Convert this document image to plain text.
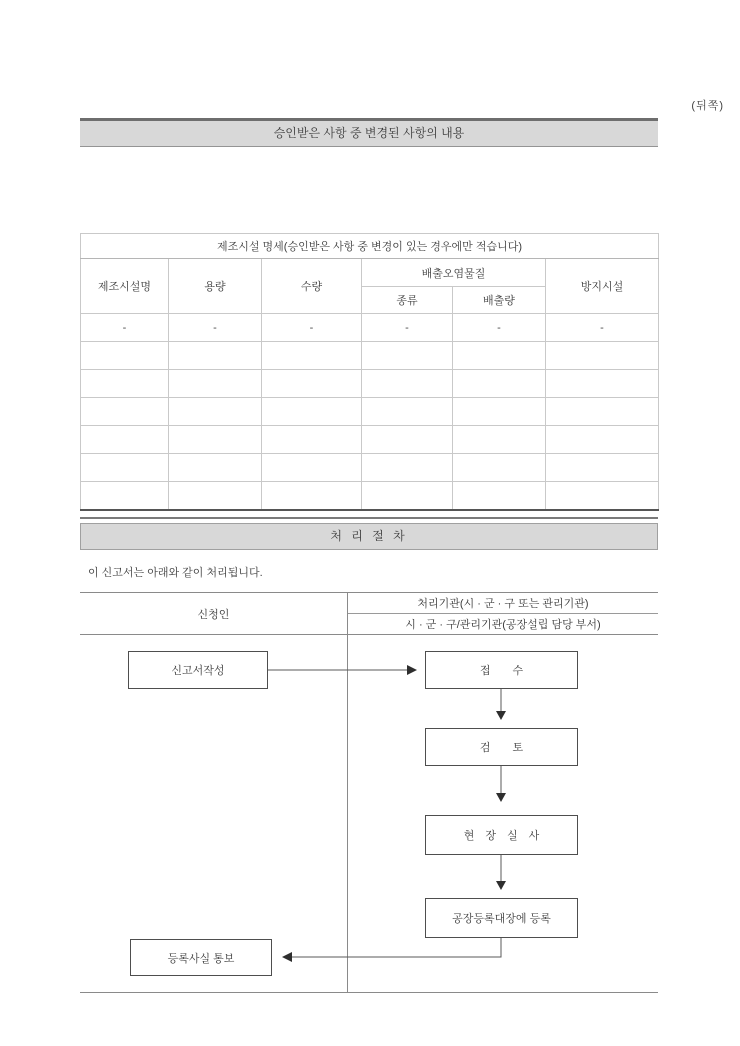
(뒤쪽)
승인받은 사항 중 변경된 사항의 내용
제조시설 명세(승인받은 사항 중 변경이 있는 경우에만 적습니다)					
제조시설명	용량	수량	배출오염물질		방지시설
			종류	배출량	
-	-	-	-	-	-

처 리 절 차
이 신고서는 아래와 같이 처리됩니다.
신청인
처리기관(시 · 군 · 구 또는 관리기관)
시 · 군 · 구/관리기관(공장설립 담당 부서)
신고서작성	접　　수
검　　토
현　장　실　사
공장등록대장에 등록
등록사실 통보
